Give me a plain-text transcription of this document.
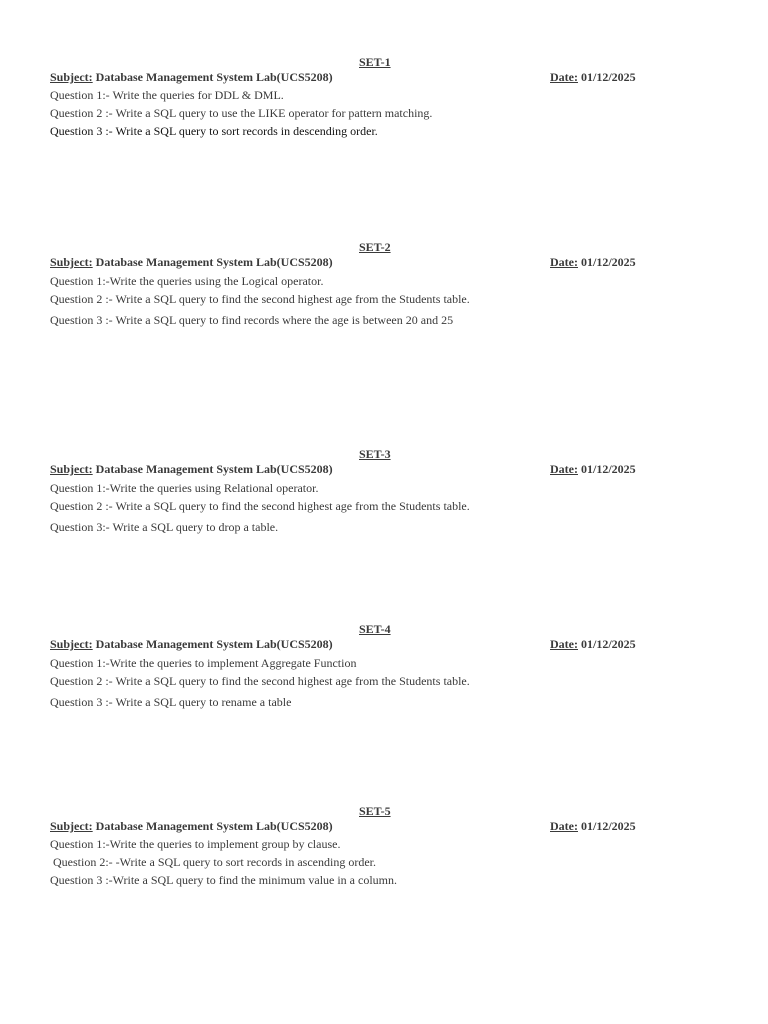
SET-1
Subject: Database Management System Lab(UCS5208)	Date: 01/12/2025
Question 1:- Write the queries for DDL & DML.
Question 2 :- Write a SQL query to use the LIKE operator for pattern matching.
Question 3 :- Write a SQL query to sort records in descending order.
SET-2
Subject: Database Management System Lab(UCS5208)	Date: 01/12/2025
Question 1:-Write the queries using the Logical operator.
Question 2 :- Write a SQL query to find the second highest age from the Students table.
Question 3 :- Write a SQL query to find records where the age is between 20 and 25
SET-3
Subject: Database Management System Lab(UCS5208)	Date: 01/12/2025
Question 1:-Write the queries using Relational operator.
Question 2 :- Write a SQL query to find the second highest age from the Students table.
Question 3:- Write a SQL query to drop a table.
SET-4
Subject: Database Management System Lab(UCS5208)	Date: 01/12/2025
Question 1:-Write the queries to implement Aggregate Function
Question 2 :- Write a SQL query to find the second highest age from the Students table.
Question 3 :- Write a SQL query to rename a table
SET-5
Subject: Database Management System Lab(UCS5208)	Date: 01/12/2025
Question 1:-Write the queries to implement group by clause.
Question 2:- -Write a SQL query to sort records in ascending order.
Question 3 :-Write a SQL query to find the minimum value in a column.
